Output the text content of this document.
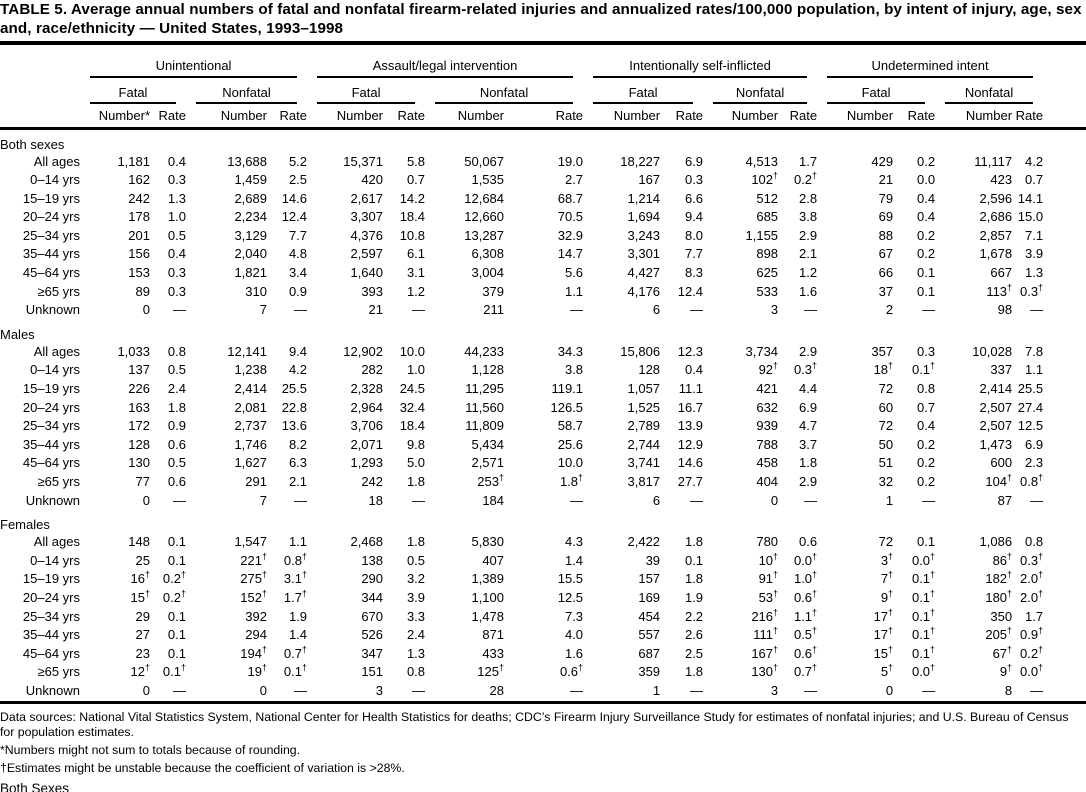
TABLE 5. Average annual numbers of fatal and nonfatal firearm-related injuries and annualized rates/100,000 population, by intent of injury, age, sex and, race/ethnicity — United States, 1993–1998

	Unintentional				Assault/legal intervention				Intentionally self-inflicted				Undetermined intent				

	Fatal		Nonfatal		Fatal		Nonfatal		Fatal		Nonfatal		Fatal		Nonfatal		

	Number*	Rate	Number	Rate	Number	Rate	Number	Rate	Number	Rate	Number	Rate	Number	Rate	Number	Rate	
Both sexes																	
All ages	1,181	0.4	13,688	5.2	15,371	5.8	50,067	19.0	18,227	6.9	4,513	1.7	429	0.2	11,117	4.2	
0–14 yrs	162	0.3	1,459	2.5	420	0.7	1,535	2.7	167	0.3	102†	0.2†	21	0.0	423	0.7	
15–19 yrs	242	1.3	2,689	14.6	2,617	14.2	12,684	68.7	1,214	6.6	512	2.8	79	0.4	2,596	14.1	
20–24 yrs	178	1.0	2,234	12.4	3,307	18.4	12,660	70.5	1,694	9.4	685	3.8	69	0.4	2,686	15.0	
25–34 yrs	201	0.5	3,129	7.7	4,376	10.8	13,287	32.9	3,243	8.0	1,155	2.9	88	0.2	2,857	7.1	
35–44 yrs	156	0.4	2,040	4.8	2,597	6.1	6,308	14.7	3,301	7.7	898	2.1	67	0.2	1,678	3.9	
45–64 yrs	153	0.3	1,821	3.4	1,640	3.1	3,004	5.6	4,427	8.3	625	1.2	66	0.1	667	1.3	
≥65 yrs	89	0.3	310	0.9	393	1.2	379	1.1	4,176	12.4	533	1.6	37	0.1	113†	0.3†	
Unknown	0	—	7	—	21	—	211	—	6	—	3	—	2	—	98	—	
Males																	
All ages	1,033	0.8	12,141	9.4	12,902	10.0	44,233	34.3	15,806	12.3	3,734	2.9	357	0.3	10,028	7.8	
0–14 yrs	137	0.5	1,238	4.2	282	1.0	1,128	3.8	128	0.4	92†	0.3†	18†	0.1†	337	1.1	
15–19 yrs	226	2.4	2,414	25.5	2,328	24.5	11,295	119.1	1,057	11.1	421	4.4	72	0.8	2,414	25.5	
20–24 yrs	163	1.8	2,081	22.8	2,964	32.4	11,560	126.5	1,525	16.7	632	6.9	60	0.7	2,507	27.4	
25–34 yrs	172	0.9	2,737	13.6	3,706	18.4	11,809	58.7	2,789	13.9	939	4.7	72	0.4	2,507	12.5	
35–44 yrs	128	0.6	1,746	8.2	2,071	9.8	5,434	25.6	2,744	12.9	788	3.7	50	0.2	1,473	6.9	
45–64 yrs	130	0.5	1,627	6.3	1,293	5.0	2,571	10.0	3,741	14.6	458	1.8	51	0.2	600	2.3	
≥65 yrs	77	0.6	291	2.1	242	1.8	253†	1.8†	3,817	27.7	404	2.9	32	0.2	104†	0.8†	
Unknown	0	—	7	—	18	—	184	—	6	—	0	—	1	—	87	—	
Females																	
All ages	148	0.1	1,547	1.1	2,468	1.8	5,830	4.3	2,422	1.8	780	0.6	72	0.1	1,086	0.8	
0–14 yrs	25	0.1	221†	0.8†	138	0.5	407	1.4	39	0.1	10†	0.0†	3†	0.0†	86†	0.3†	
15–19 yrs	16†	0.2†	275†	3.1†	290	3.2	1,389	15.5	157	1.8	91†	1.0†	7†	0.1†	182†	2.0†	
20–24 yrs	15†	0.2†	152†	1.7†	344	3.9	1,100	12.5	169	1.9	53†	0.6†	9†	0.1†	180†	2.0†	
25–34 yrs	29	0.1	392	1.9	670	3.3	1,478	7.3	454	2.2	216†	1.1†	17†	0.1†	350	1.7	
35–44 yrs	27	0.1	294	1.4	526	2.4	871	4.0	557	2.6	111†	0.5†	17†	0.1†	205†	0.9†	
45–64 yrs	23	0.1	194†	0.7†	347	1.3	433	1.6	687	2.5	167†	0.6†	15†	0.1†	67†	0.2†	
≥65 yrs	12†	0.1†	19†	0.1†	151	0.8	125†	0.6†	359	1.8	130†	0.7†	5†	0.0†	9†	0.0†	
Unknown	0	—	0	—	3	—	28	—	1	—	3	—	0	—	8	—	
Data sources: National Vital Statistics System, National Center for Health Statistics for deaths; CDC’s Firearm Injury Surveillance Study for estimates of nonfatal injuries; and U.S. Bureau of Census for population estimates.
*Numbers might not sum to totals because of rounding.
†Estimates might be unstable because the coefficient of variation is >28%.
Both Sexes
